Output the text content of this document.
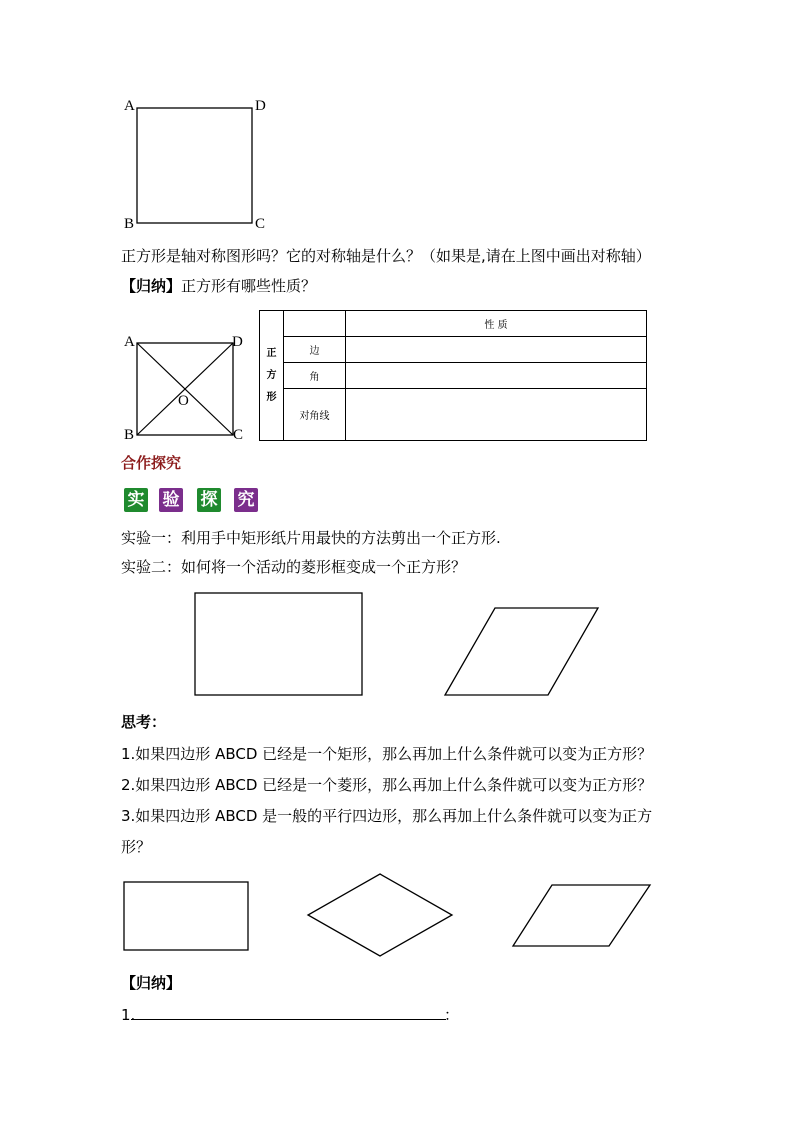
A	D
B	C
正方形是轴对称图形吗？它的对称轴是什么？（如果是,请在上图中画出对称轴）
【归纳】正方形有哪些性质？
A	D
B	C
O
正方形		性 质
	边	
	角	
	对角线	
合作探究
实 验 探 究
实验一：利用手中矩形纸片用最快的方法剪出一个正方形.
实验二：如何将一个活动的菱形框变成一个正方形？
思考：
1.如果四边形 ABCD 已经是一个矩形，那么再加上什么条件就可以变为正方形？
2.如果四边形 ABCD 已经是一个菱形，那么再加上什么条件就可以变为正方形？
3.如果四边形 ABCD 是一般的平行四边形，那么再加上什么条件就可以变为正方
形？
【归纳】
1.	：
